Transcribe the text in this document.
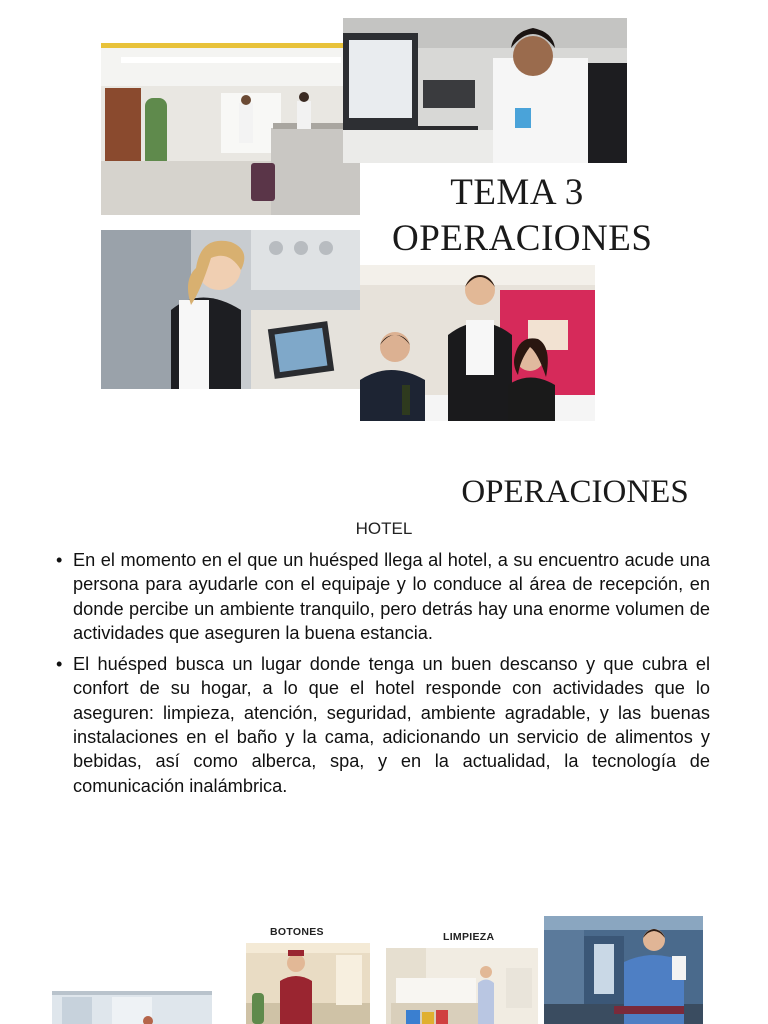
TEMA 3
OPERACIONES
OPERACIONES
HOTEL
• En el momento en el que un huésped llega al hotel, a su encuentro acude una persona para ayudarle con el equipaje y lo conduce al área de recepción, en donde percibe un ambiente tranquilo, pero detrás hay una enorme volumen de actividades que aseguren la buena estancia.
• El huésped busca un lugar donde tenga un buen descanso y que cubra el confort de su hogar, a lo que el hotel responde con actividades que lo aseguren: limpieza, atención, seguridad, ambiente agradable, y las buenas instalaciones en el baño y la cama, adicionando un servicio de alimentos y bebidas, así como alberca, spa, y en la actualidad, la tecnología de comunicación inalámbrica.
BOTONES	LIMPIEZA
